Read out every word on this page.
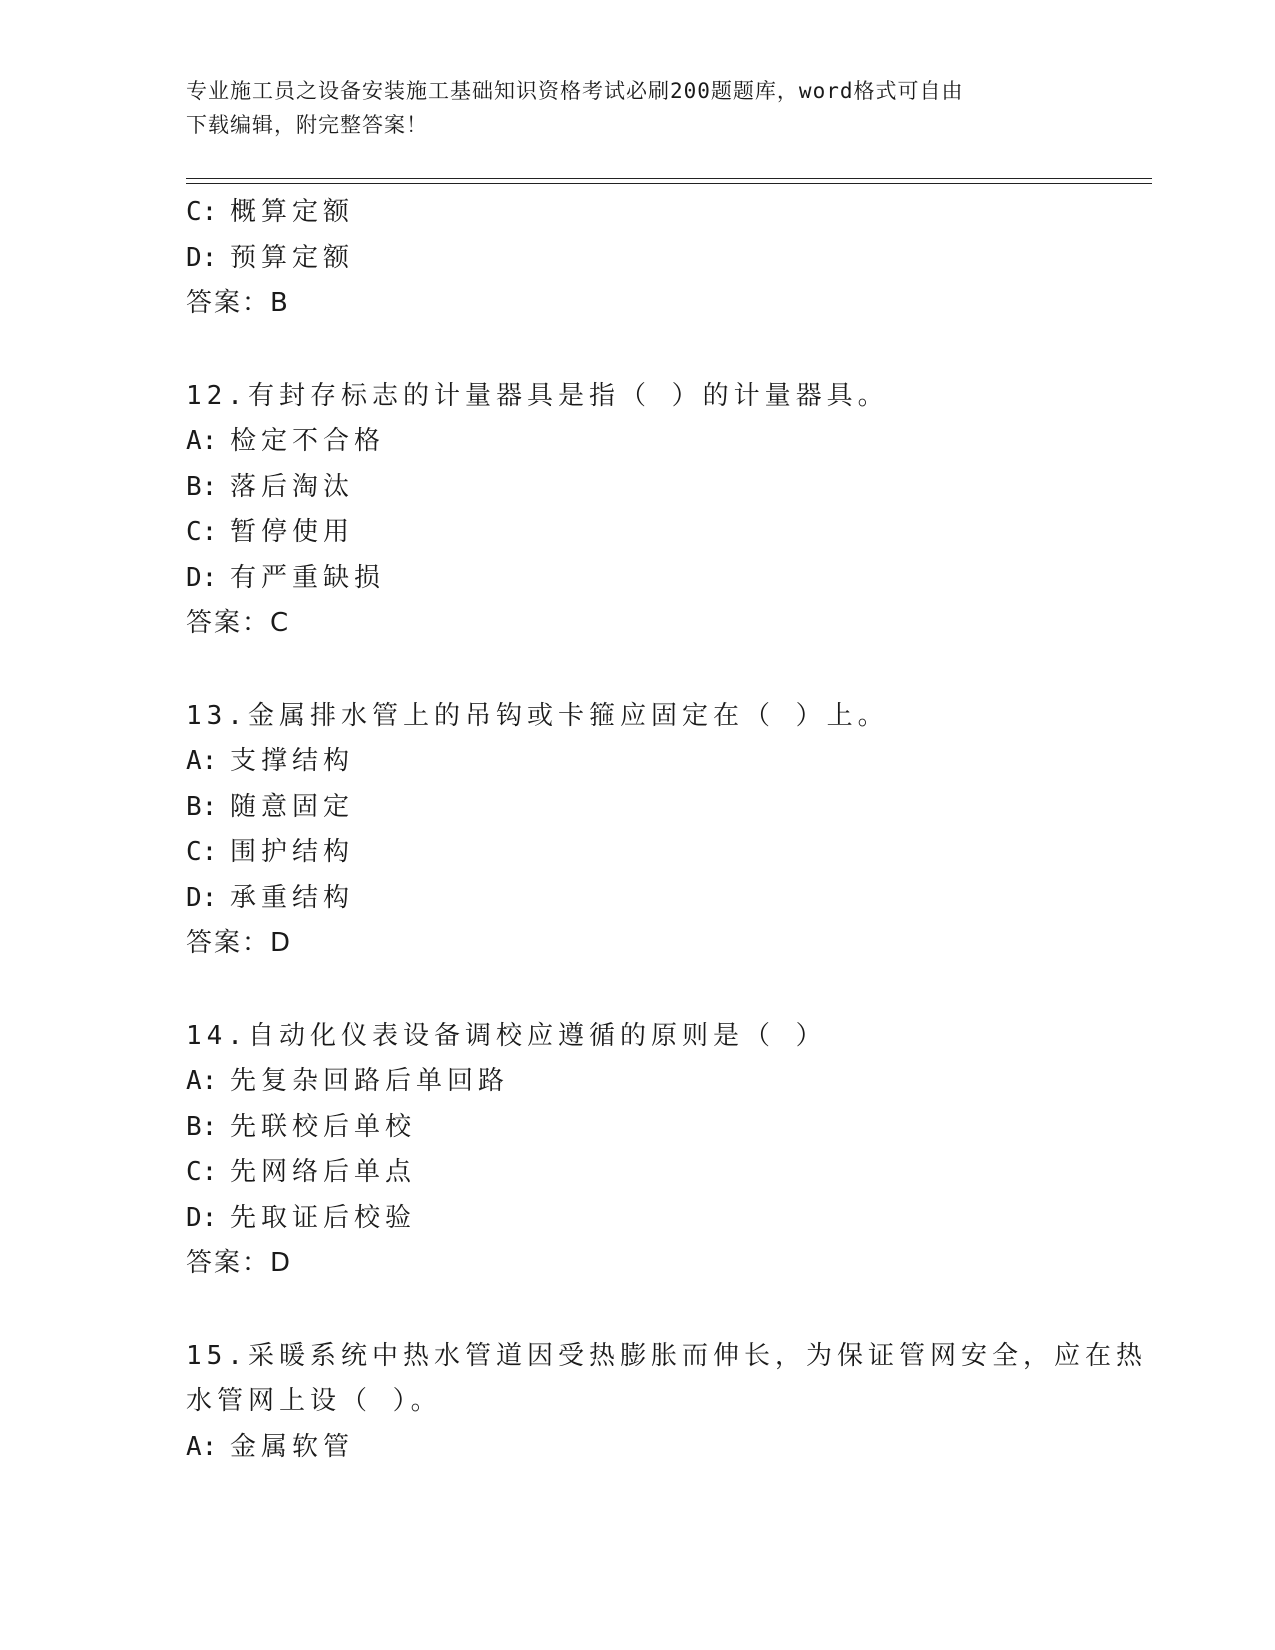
专业施工员之设备安装施工基础知识资格考试必刷200题题库，word格式可自由
下载编辑，附完整答案！
C: 概算定额
D: 预算定额
答案：B
12.有封存标志的计量器具是指（ ）的计量器具。
A: 检定不合格
B: 落后淘汰
C: 暂停使用
D: 有严重缺损
答案：C
13.金属排水管上的吊钩或卡箍应固定在（ ）上。
A: 支撑结构
B: 随意固定
C: 围护结构
D: 承重结构
答案：D
14.自动化仪表设备调校应遵循的原则是（ ）
A: 先复杂回路后单回路
B: 先联校后单校
C: 先网络后单点
D: 先取证后校验
答案：D
15.采暖系统中热水管道因受热膨胀而伸长，为保证管网安全，应在热
水管网上设（ ）。
A: 金属软管
